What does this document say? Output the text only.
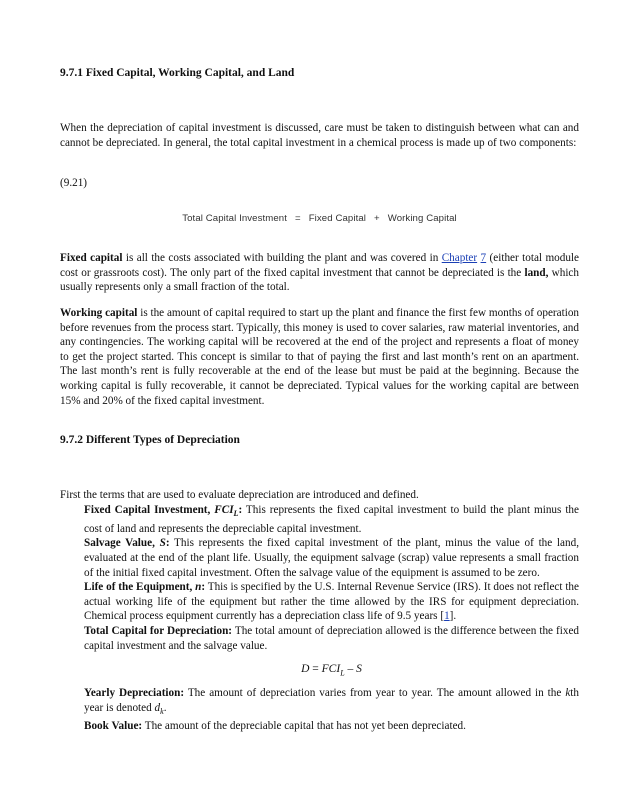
9.7.1 Fixed Capital, Working Capital, and Land
When the depreciation of capital investment is discussed, care must be taken to distinguish between what can and cannot be depreciated. In general, the total capital investment in a chemical process is made up of two components:
(9.21)
Total Capital Investment = Fixed Capital + Working Capital
Fixed capital is all the costs associated with building the plant and was covered in Chapter 7 (either total module cost or grassroots cost). The only part of the fixed capital investment that cannot be depreciated is the land, which usually represents only a small fraction of the total.
Working capital is the amount of capital required to start up the plant and finance the first few months of operation before revenues from the process start. Typically, this money is used to cover salaries, raw material inventories, and any contingencies. The working capital will be recovered at the end of the project and represents a float of money to get the project started. This concept is similar to that of paying the first and last month’s rent on an apartment. The last month’s rent is fully recoverable at the end of the lease but must be paid at the beginning. Because the working capital is fully recoverable, it cannot be depreciated. Typical values for the working capital are between 15% and 20% of the fixed capital investment.
9.7.2 Different Types of Depreciation
First the terms that are used to evaluate depreciation are introduced and defined.

Fixed Capital Investment, $FCI_L$: This represents the fixed capital investment to build the plant minus the cost of land and represents the depreciable capital investment.

Salvage Value, S: This represents the fixed capital investment of the plant, minus the value of the land, evaluated at the end of the plant life. Usually, the equipment salvage (scrap) value represents a small fraction of the initial fixed capital investment. Often the salvage value of the equipment is assumed to be zero.

Life of the Equipment, n: This is specified by the U.S. Internal Revenue Service (IRS). It does not reflect the actual working life of the equipment but rather the time allowed by the IRS for equipment depreciation. Chemical process equipment currently has a depreciation class life of 9.5 years [1].

Total Capital for Depreciation: The total amount of depreciation allowed is the difference between the fixed capital investment and the salvage value.

$D = FCI_L - S$

Yearly Depreciation: The amount of depreciation varies from year to year. The amount allowed in the kth year is denoted $d_k$.

Book Value: The amount of the depreciable capital that has not yet been depreciated.
